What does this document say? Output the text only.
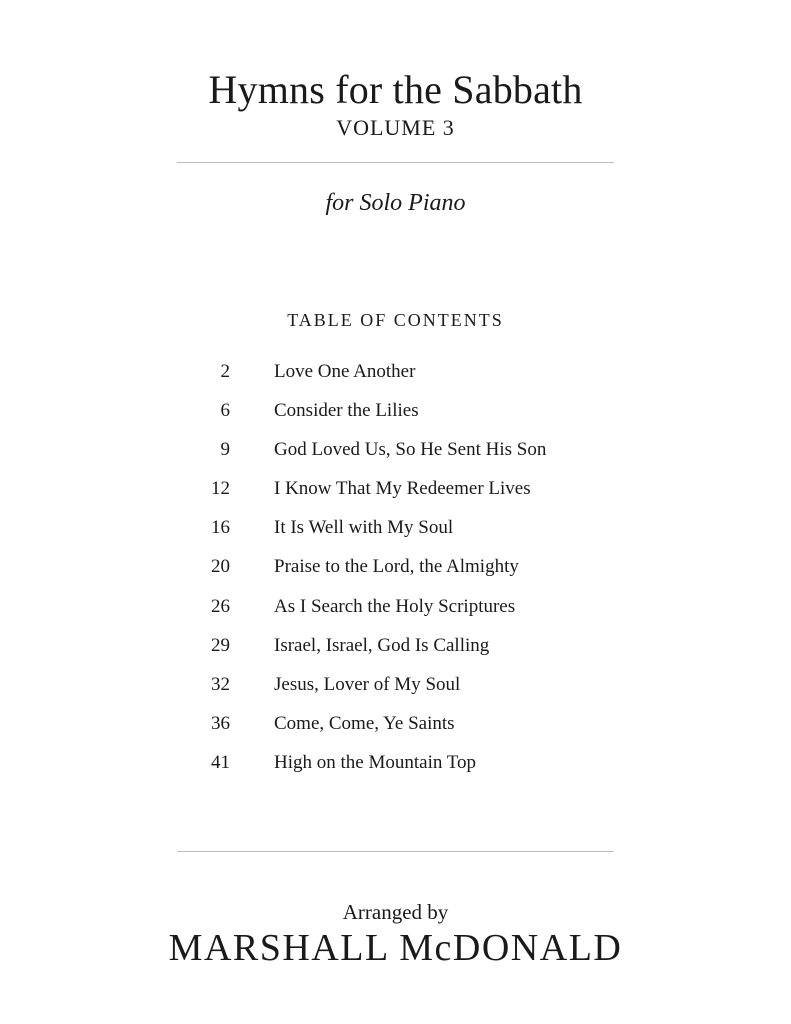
Hymns for the Sabbath
VOLUME 3
for Solo Piano
TABLE OF CONTENTS
2 Love One Another
6 Consider the Lilies
9 God Loved Us, So He Sent His Son
12 I Know That My Redeemer Lives
16 It Is Well with My Soul
20 Praise to the Lord, the Almighty
26 As I Search the Holy Scriptures
29 Israel, Israel, God Is Calling
32 Jesus, Lover of My Soul
36 Come, Come, Ye Saints
41 High on the Mountain Top
Arranged by
MARSHALL McDONALD
